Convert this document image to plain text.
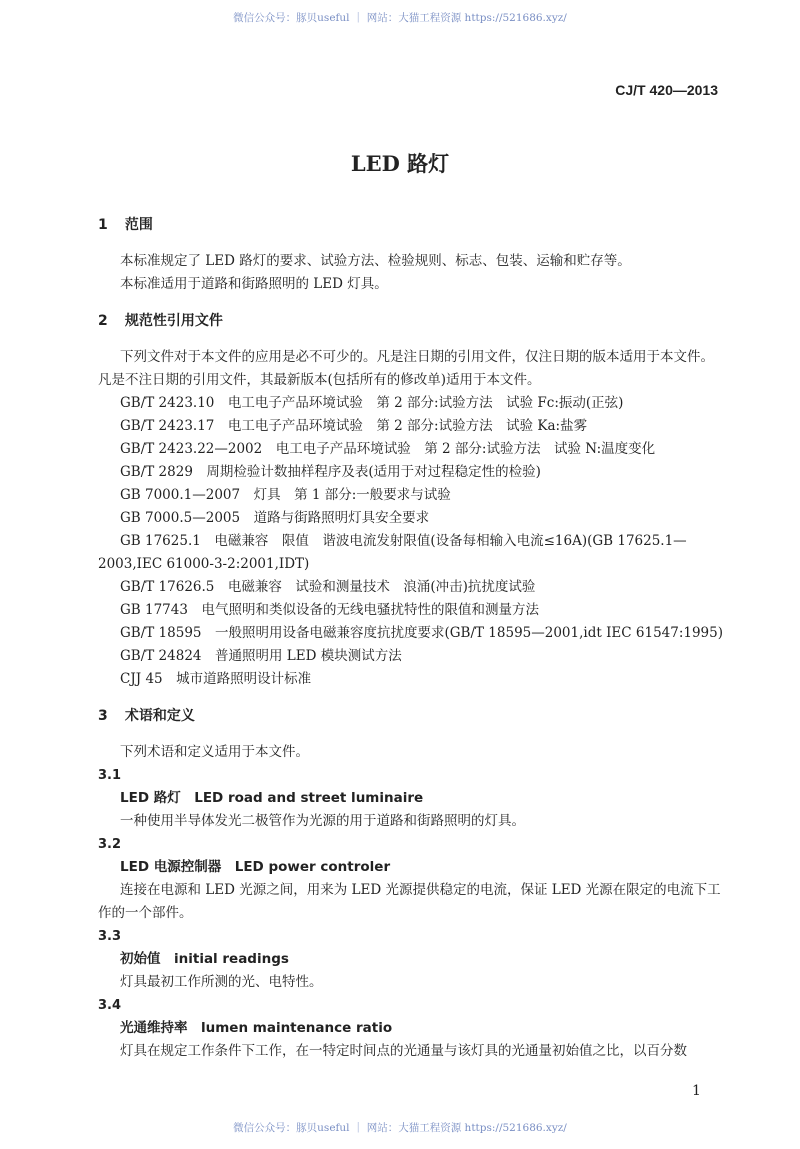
微信公众号：豚贝useful ｜ 网站：大猫工程资源 https://521686.xyz/
CJ/T 420—2013
LED 路灯
1 范围

本标准规定了 LED 路灯的要求、试验方法、检验规则、标志、包装、运输和贮存等。

本标准适用于道路和街路照明的 LED 灯具。

2 规范性引用文件

下列文件对于本文件的应用是必不可少的。凡是注日期的引用文件，仅注日期的版本适用于本文件。凡是不注日期的引用文件，其最新版本(包括所有的修改单)适用于本文件。

GB/T 2423.10　电工电子产品环境试验　第 2 部分:试验方法　试验 Fc:振动(正弦)

GB/T 2423.17　电工电子产品环境试验　第 2 部分:试验方法　试验 Ka:盐雾

GB/T 2423.22—2002　电工电子产品环境试验　第 2 部分:试验方法　试验 N:温度变化

GB/T 2829　周期检验计数抽样程序及表(适用于对过程稳定性的检验)

GB 7000.1—2007　灯具　第 1 部分:一般要求与试验

GB 7000.5—2005　道路与街路照明灯具安全要求

GB 17625.1　电磁兼容　限值　谐波电流发射限值(设备每相输入电流≤16A)(GB 17625.1—2003,IEC 61000-3-2:2001,IDT)

GB/T 17626.5　电磁兼容　试验和测量技术　浪涌(冲击)抗扰度试验

GB 17743　电气照明和类似设备的无线电骚扰特性的限值和测量方法

GB/T 18595　一般照明用设备电磁兼容度抗扰度要求(GB/T 18595—2001,idt IEC 61547:1995)

GB/T 24824　普通照明用 LED 模块测试方法

CJJ 45　城市道路照明设计标准

3 术语和定义

下列术语和定义适用于本文件。

3.1

LED 路灯　LED road and street luminaire

一种使用半导体发光二极管作为光源的用于道路和街路照明的灯具。

3.2

LED 电源控制器　LED power controler

连接在电源和 LED 光源之间，用来为 LED 光源提供稳定的电流，保证 LED 光源在限定的电流下工作的一个部件。

3.3

初始值　initial readings

灯具最初工作所测的光、电特性。

3.4

光通维持率　lumen maintenance ratio

灯具在规定工作条件下工作，在一特定时间点的光通量与该灯具的光通量初始值之比，以百分数

1
微信公众号：豚贝useful ｜ 网站：大猫工程资源 https://521686.xyz/
